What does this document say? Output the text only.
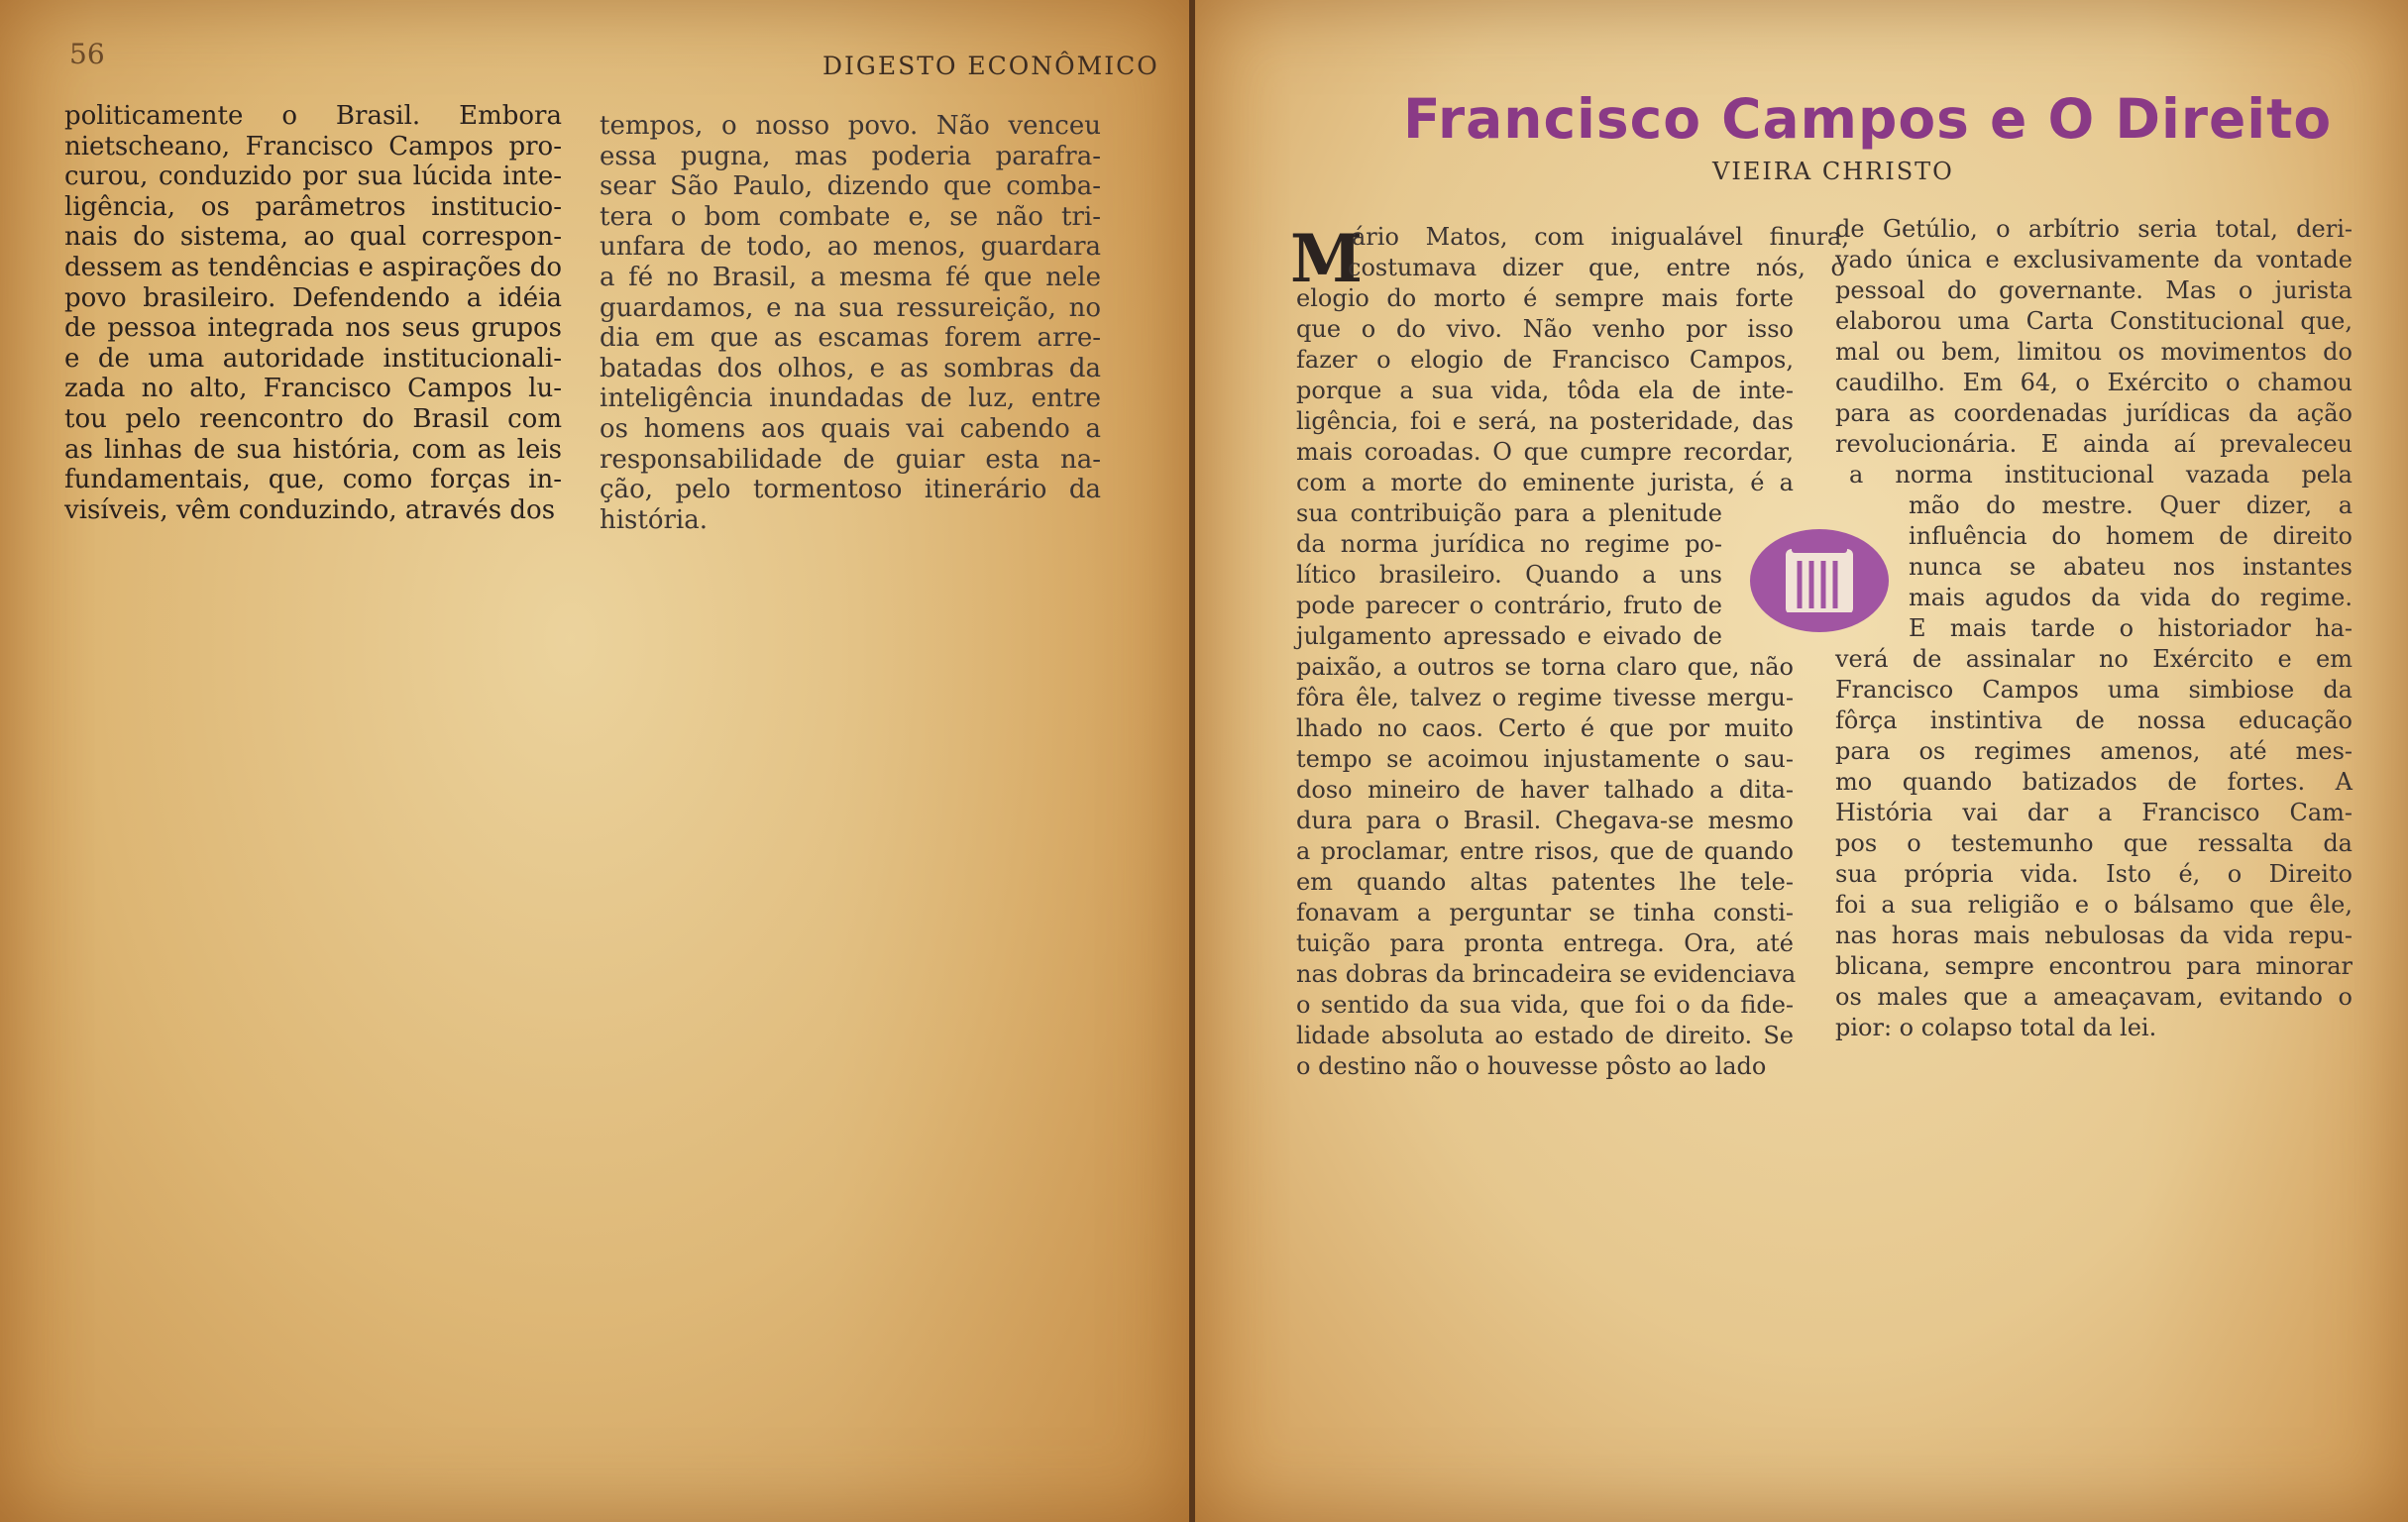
56	DIGESTO ECONÔMICO
politicamente o Brasil. Embora
nietscheano, Francisco Campos pro-
curou, conduzido por sua lúcida inte-
ligência, os parâmetros institucio-
nais do sistema, ao qual correspon-
dessem as tendências e aspirações do
povo brasileiro. Defendendo a idéia
de pessoa integrada nos seus grupos
e de uma autoridade institucionali-
zada no alto, Francisco Campos lu-
tou pelo reencontro do Brasil com
as linhas de sua história, com as leis
fundamentais, que, como forças in-
visíveis, vêm conduzindo, através dos
tempos, o nosso povo. Não venceu
essa pugna, mas poderia parafra-
sear São Paulo, dizendo que comba-
tera o bom combate e, se não tri-
unfara de todo, ao menos, guardara
a fé no Brasil, a mesma fé que nele
guardamos, e na sua ressureição, no
dia em que as escamas forem arre-
batadas dos olhos, e as sombras da
inteligência inundadas de luz, entre
os homens aos quais vai cabendo a
responsabilidade de guiar esta na-
ção, pelo tormentoso itinerário da
história.
Francisco Campos e O Direito
VIEIRA CHRISTO
M
ário Matos, com inigualável finura,
costumava dizer que, entre nós, o
elogio do morto é sempre mais forte
que o do vivo. Não venho por isso
fazer o elogio de Francisco Campos,
porque a sua vida, tôda ela de inte-
ligência, foi e será, na posteridade, das
mais coroadas. O que cumpre recordar,
com a morte do eminente jurista, é a
sua contribuição para a plenitude
da norma jurídica no regime po-
lítico brasileiro. Quando a uns
pode parecer o contrário, fruto de
julgamento apressado e eivado de
paixão, a outros se torna claro que, não
fôra êle, talvez o regime tivesse mergu-
lhado no caos. Certo é que por muito
tempo se acoimou injustamente o sau-
doso mineiro de haver talhado a dita-
dura para o Brasil. Chegava-se mesmo
a proclamar, entre risos, que de quando
em quando altas patentes lhe tele-
fonavam a perguntar se tinha consti-
tuição para pronta entrega. Ora, até
nas dobras da brincadeira se evidenciava
o sentido da sua vida, que foi o da fide-
lidade absoluta ao estado de direito. Se
o destino não o houvesse pôsto ao lado
de Getúlio, o arbítrio seria total, deri-
vado única e exclusivamente da vontade
pessoal do governante. Mas o jurista
elaborou uma Carta Constitucional que,
mal ou bem, limitou os movimentos do
caudilho. Em 64, o Exército o chamou
para as coordenadas jurídicas da ação
revolucionária. E ainda aí prevaleceu
a norma institucional vazada pela
mão do mestre. Quer dizer, a
influência do homem de direito
nunca se abateu nos instantes
mais agudos da vida do regime.
E mais tarde o historiador ha-
verá de assinalar no Exército e em
Francisco Campos uma simbiose da
fôrça instintiva de nossa educação
para os regimes amenos, até mes-
mo quando batizados de fortes. A
História vai dar a Francisco Cam-
pos o testemunho que ressalta da
sua própria vida. Isto é, o Direito
foi a sua religião e o bálsamo que êle,
nas horas mais nebulosas da vida repu-
blicana, sempre encontrou para minorar
os males que a ameaçavam, evitando o
pior: o colapso total da lei.
